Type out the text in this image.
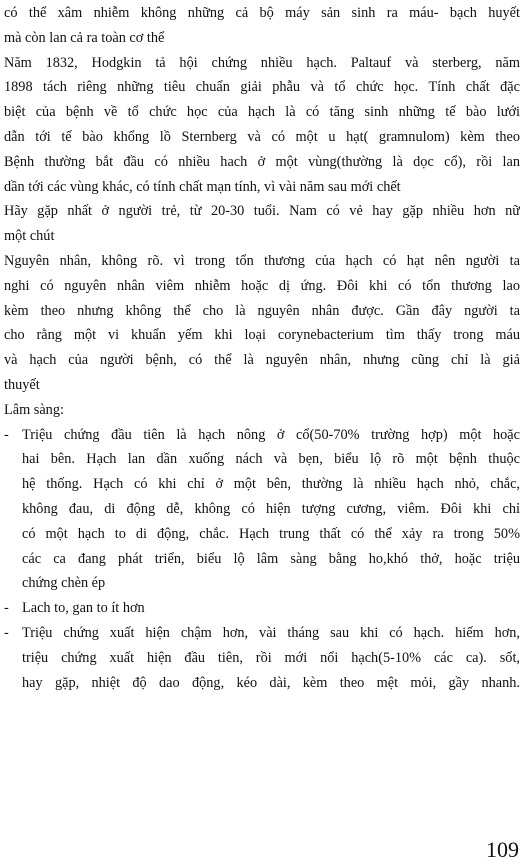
có thể xâm nhiễm không những cả bộ máy sản sinh ra máu- bạch huyết
mà còn lan cả ra toàn cơ thể
Năm 1832, Hodgkin tả hội chứng nhiều hạch. Paltauf và sterberg, năm
1898 tách riêng những tiêu chuẩn giải phẫu và tổ chức học. Tính chất đặc
biệt của bệnh về tổ chức học của hạch là có tăng sinh những tế bào lưới
dẫn tới tế bào khổng lồ Sternberg và có một u hạt( gramnulom) kèm theo
Bệnh thường bắt đầu có nhiều hach ở một vùng(thường là dọc cổ), rồi lan
dần tới các vùng khác, có tính chất mạn tính, vì vài năm sau mới chết
Hãy gặp nhất ở người trẻ, từ 20-30 tuổi. Nam có vẻ hay gặp nhiều hơn nữ
một chút
Nguyên nhân, không rõ. vì trong tổn thương của hạch có hạt nên người ta
nghi có nguyên nhân viêm nhiễm hoặc dị ứng. Đôi khi có tổn thương lao
kèm theo nhưng không thể cho là nguyên nhân được. Gần đây người ta
cho rằng một vi khuẩn yếm khi loại corynebacterium tìm thấy trong máu
và hạch của người bệnh, có thể là nguyên nhân, nhưng cũng chỉ là giả
thuyết
Lâm sàng:
- Triệu chứng đầu tiên là hạch nông ở cổ(50-70% trường hợp) một hoặc
hai bên. Hạch lan dần xuống nách và bẹn, biểu lộ rõ một bệnh thuộc
hệ thống. Hạch có khi chỉ ở một bên, thường là nhiều hạch nhỏ, chắc,
không đau, di động dễ, không có hiện tượng cương, viêm. Đôi khi chỉ
có một hạch to di động, chắc. Hạch trung thất có thể xảy ra trong 50%
các ca đang phát triển, biểu lộ lâm sàng bằng ho,khó thở, hoặc triệu
chứng chèn ép
- Lach to, gan to ít hơn
- Triệu chứng xuất hiện chậm hơn, vài tháng sau khi có hạch. hiếm hơn,
triệu chứng xuất hiện đầu tiên, rồi mới nổi hạch(5-10% các ca). sốt,
hay gặp, nhiệt độ dao động, kéo dài, kèm theo mệt mỏi, gầy nhanh.
109
